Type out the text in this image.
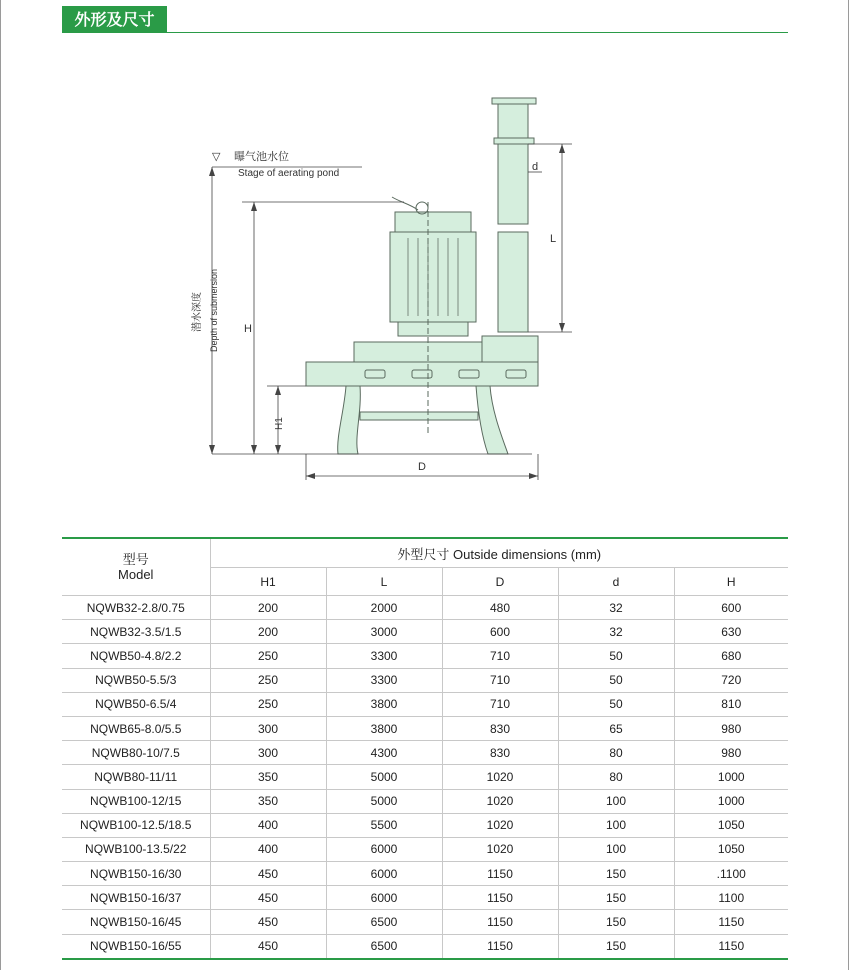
外形及尺寸
▽ 曝气池水位
Stage of aerating pond
潜水深度 Depth of submersion H
H1
L
d
D
型号
Model	外型尺寸 Outside dimensions (mm)				
	H1	L	D	d	H
NQWB32-2.8/0.75	200	2000	480	32	600
NQWB32-3.5/1.5	200	3000	600	32	630
NQWB50-4.8/2.2	250	3300	710	50	680
NQWB50-5.5/3	250	3300	710	50	720
NQWB50-6.5/4	250	3800	710	50	810
NQWB65-8.0/5.5	300	3800	830	65	980
NQWB80-10/7.5	300	4300	830	80	980
NQWB80-11/11	350	5000	1020	80	1000
NQWB100-12/15	350	5000	1020	100	1000
NQWB100-12.5/18.5	400	5500	1020	100	1050
NQWB100-13.5/22	400	6000	1020	100	1050
NQWB150-16/30	450	6000	1150	150	.1100
NQWB150-16/37	450	6000	1150	150	1100
NQWB150-16/45	450	6500	1150	150	1150
NQWB150-16/55	450	6500	1150	150	1150
